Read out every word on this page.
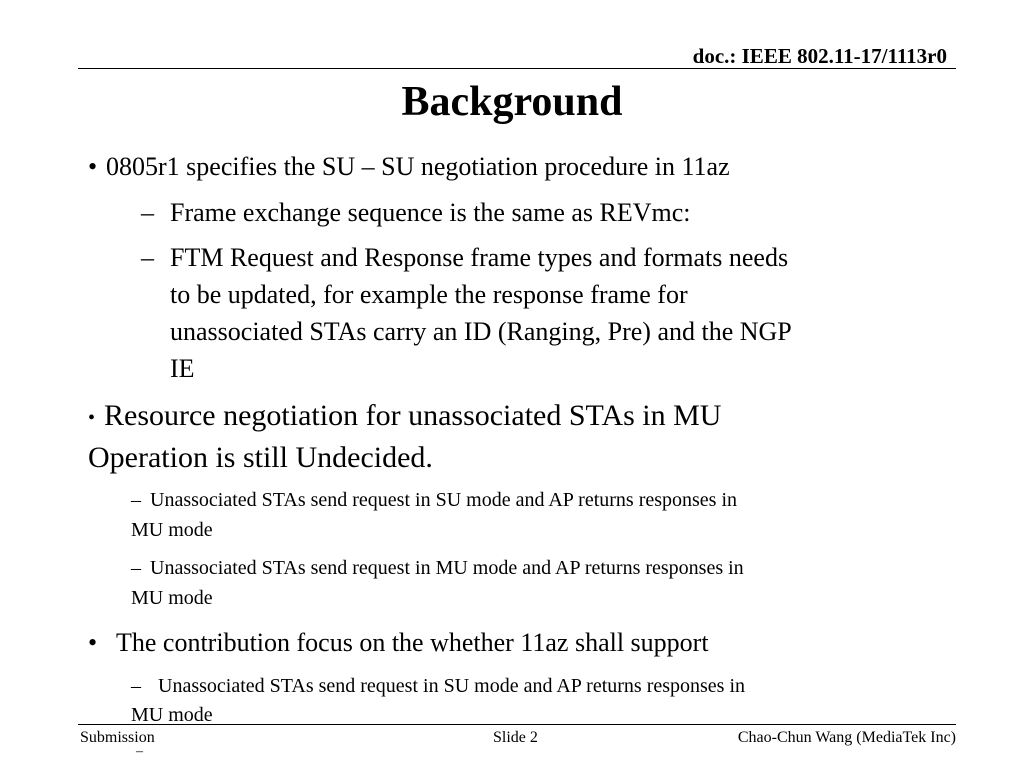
doc.: IEEE 802.11-17/1113r0
Background
• 0805r1 specifies the SU – SU negotiation procedure in 11az
– Frame exchange sequence is the same as REVmc:
– FTM Request and Response frame types and formats needs
to be updated, for example the response frame for
unassociated STAs carry an ID (Ranging, Pre) and the NGP
IE
• Resource negotiation for unassociated STAs in MU
Operation is still Undecided.
– Unassociated STAs send request in SU mode and AP returns responses in
MU mode
– Unassociated STAs send request in MU mode and AP returns responses in
MU mode
• The contribution focus on the whether 11az shall support
– Unassociated STAs send request in SU mode and AP returns responses in
MU mode
Submission
–
Slide 2	Chao-Chun Wang (MediaTek Inc)
